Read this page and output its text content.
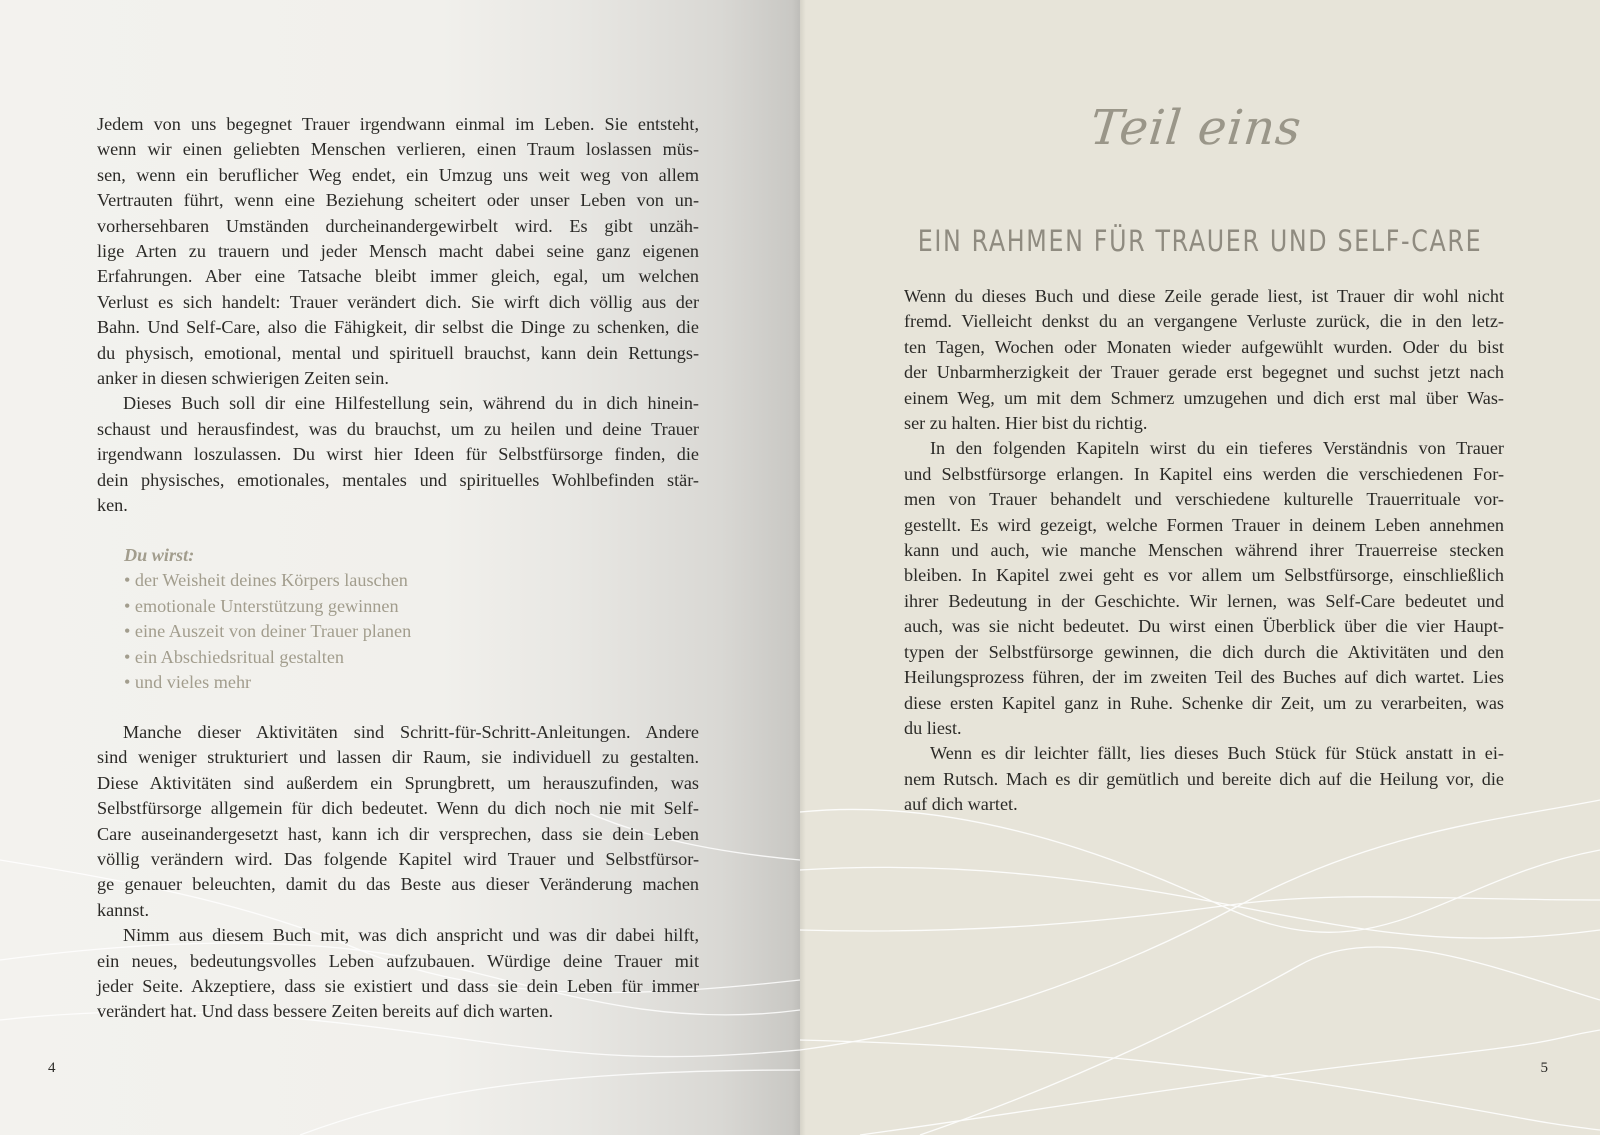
Jedem von uns begegnet Trauer irgendwann einmal im Leben. Sie entsteht,
wenn wir einen geliebten Menschen verlieren, einen Traum loslassen müs-
sen, wenn ein beruflicher Weg endet, ein Umzug uns weit weg von allem
Vertrauten führt, wenn eine Beziehung scheitert oder unser Leben von un-
vorhersehbaren Umständen durcheinandergewirbelt wird. Es gibt unzäh-
lige Arten zu trauern und jeder Mensch macht dabei seine ganz eigenen
Erfahrungen. Aber eine Tatsache bleibt immer gleich, egal, um welchen
Verlust es sich handelt: Trauer verändert dich. Sie wirft dich völlig aus der
Bahn. Und Self-Care, also die Fähigkeit, dir selbst die Dinge zu schenken, die
du physisch, emotional, mental und spirituell brauchst, kann dein Rettungs-
anker in diesen schwierigen Zeiten sein.

Dieses Buch soll dir eine Hilfestellung sein, während du in dich hinein-
schaust und herausfindest, was du brauchst, um zu heilen und deine Trauer
irgendwann loszulassen. Du wirst hier Ideen für Selbstfürsorge finden, die
dein physisches, emotionales, mentales und spirituelles Wohlbefinden stär-
ken.

Du wirst:
• der Weisheit deines Körpers lauschen
• emotionale Unterstützung gewinnen
• eine Auszeit von deiner Trauer planen
• ein Abschiedsritual gestalten
• und vieles mehr

Manche dieser Aktivitäten sind Schritt-für-Schritt-Anleitungen. Andere
sind weniger strukturiert und lassen dir Raum, sie individuell zu gestalten.
Diese Aktivitäten sind außerdem ein Sprungbrett, um herauszufinden, was
Selbstfürsorge allgemein für dich bedeutet. Wenn du dich noch nie mit Self-
Care auseinandergesetzt hast, kann ich dir versprechen, dass sie dein Leben
völlig verändern wird. Das folgende Kapitel wird Trauer und Selbstfürsor-
ge genauer beleuchten, damit du das Beste aus dieser Veränderung machen
kannst.

Nimm aus diesem Buch mit, was dich anspricht und was dir dabei hilft,
ein neues, bedeutungsvolles Leben aufzubauen. Würdige deine Trauer mit
jeder Seite. Akzeptiere, dass sie existiert und dass sie dein Leben für immer
verändert hat. Und dass bessere Zeiten bereits auf dich warten.

4
Teil eins
EIN RAHMEN FÜR TRAUER UND SELF-CARE

Wenn du dieses Buch und diese Zeile gerade liest, ist Trauer dir wohl nicht
fremd. Vielleicht denkst du an vergangene Verluste zurück, die in den letz-
ten Tagen, Wochen oder Monaten wieder aufgewühlt wurden. Oder du bist
der Unbarmherzigkeit der Trauer gerade erst begegnet und suchst jetzt nach
einem Weg, um mit dem Schmerz umzugehen und dich erst mal über Was-
ser zu halten. Hier bist du richtig.

In den folgenden Kapiteln wirst du ein tieferes Verständnis von Trauer
und Selbstfürsorge erlangen. In Kapitel eins werden die verschiedenen For-
men von Trauer behandelt und verschiedene kulturelle Trauerrituale vor-
gestellt. Es wird gezeigt, welche Formen Trauer in deinem Leben annehmen
kann und auch, wie manche Menschen während ihrer Trauerreise stecken
bleiben. In Kapitel zwei geht es vor allem um Selbstfürsorge, einschließlich
ihrer Bedeutung in der Geschichte. Wir lernen, was Self-Care bedeutet und
auch, was sie nicht bedeutet. Du wirst einen Überblick über die vier Haupt-
typen der Selbstfürsorge gewinnen, die dich durch die Aktivitäten und den
Heilungsprozess führen, der im zweiten Teil des Buches auf dich wartet. Lies
diese ersten Kapitel ganz in Ruhe. Schenke dir Zeit, um zu verarbeiten, was
du liest.

Wenn es dir leichter fällt, lies dieses Buch Stück für Stück anstatt in ei-
nem Rutsch. Mach es dir gemütlich und bereite dich auf die Heilung vor, die
auf dich wartet.

5
